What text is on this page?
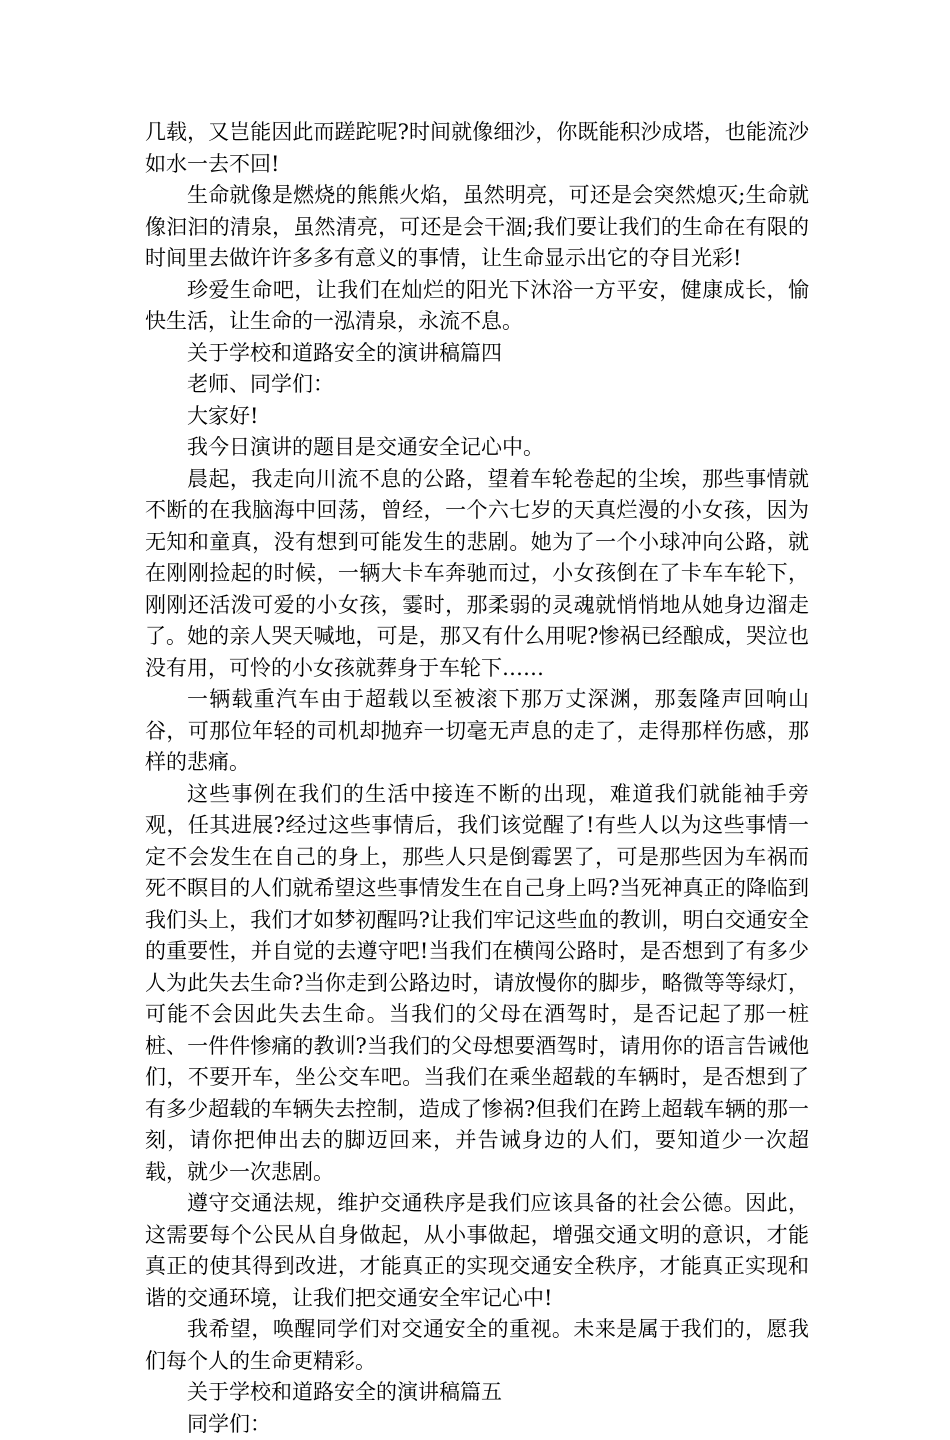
几载，又岂能因此而蹉跎呢?时间就像细沙，你既能积沙成塔，也能流沙如水一去不回!

生命就像是燃烧的熊熊火焰，虽然明亮，可还是会突然熄灭;生命就像汩汩的清泉，虽然清亮，可还是会干涸;我们要让我们的生命在有限的时间里去做许许多多有意义的事情，让生命显示出它的夺目光彩!

珍爱生命吧，让我们在灿烂的阳光下沐浴一方平安，健康成长，愉快生活，让生命的一泓清泉，永流不息。

关于学校和道路安全的演讲稿篇四

老师、同学们：

大家好!

我今日演讲的题目是交通安全记心中。

晨起，我走向川流不息的公路，望着车轮卷起的尘埃，那些事情就不断的在我脑海中回荡，曾经，一个六七岁的天真烂漫的小女孩，因为无知和童真，没有想到可能发生的悲剧。她为了一个小球冲向公路，就在刚刚捡起的时候，一辆大卡车奔驰而过，小女孩倒在了卡车车轮下，刚刚还活泼可爱的小女孩，霎时，那柔弱的灵魂就悄悄地从她身边溜走了。她的亲人哭天喊地，可是，那又有什么用呢?惨祸已经酿成，哭泣也没有用，可怜的小女孩就葬身于车轮下……

一辆载重汽车由于超载以至被滚下那万丈深渊，那轰隆声回响山谷，可那位年轻的司机却抛弃一切毫无声息的走了，走得那样伤感，那样的悲痛。

这些事例在我们的生活中接连不断的出现，难道我们就能袖手旁观，任其进展?经过这些事情后，我们该觉醒了!有些人以为这些事情一定不会发生在自己的身上，那些人只是倒霉罢了，可是那些因为车祸而死不瞑目的人们就希望这些事情发生在自己身上吗?当死神真正的降临到我们头上，我们才如梦初醒吗?让我们牢记这些血的教训，明白交通安全的重要性，并自觉的去遵守吧!当我们在横闯公路时，是否想到了有多少人为此失去生命?当你走到公路边时，请放慢你的脚步，略微等等绿灯，可能不会因此失去生命。当我们的父母在酒驾时，是否记起了那一桩桩、一件件惨痛的教训?当我们的父母想要酒驾时，请用你的语言告诫他们，不要开车，坐公交车吧。当我们在乘坐超载的车辆时，是否想到了有多少超载的车辆失去控制，造成了惨祸?但我们在跨上超载车辆的那一刻，请你把伸出去的脚迈回来，并告诫身边的人们，要知道少一次超载，就少一次悲剧。

遵守交通法规，维护交通秩序是我们应该具备的社会公德。因此，这需要每个公民从自身做起，从小事做起，增强交通文明的意识，才能真正的使其得到改进，才能真正的实现交通安全秩序，才能真正实现和谐的交通环境，让我们把交通安全牢记心中!

我希望，唤醒同学们对交通安全的重视。未来是属于我们的，愿我们每个人的生命更精彩。

关于学校和道路安全的演讲稿篇五

同学们：
